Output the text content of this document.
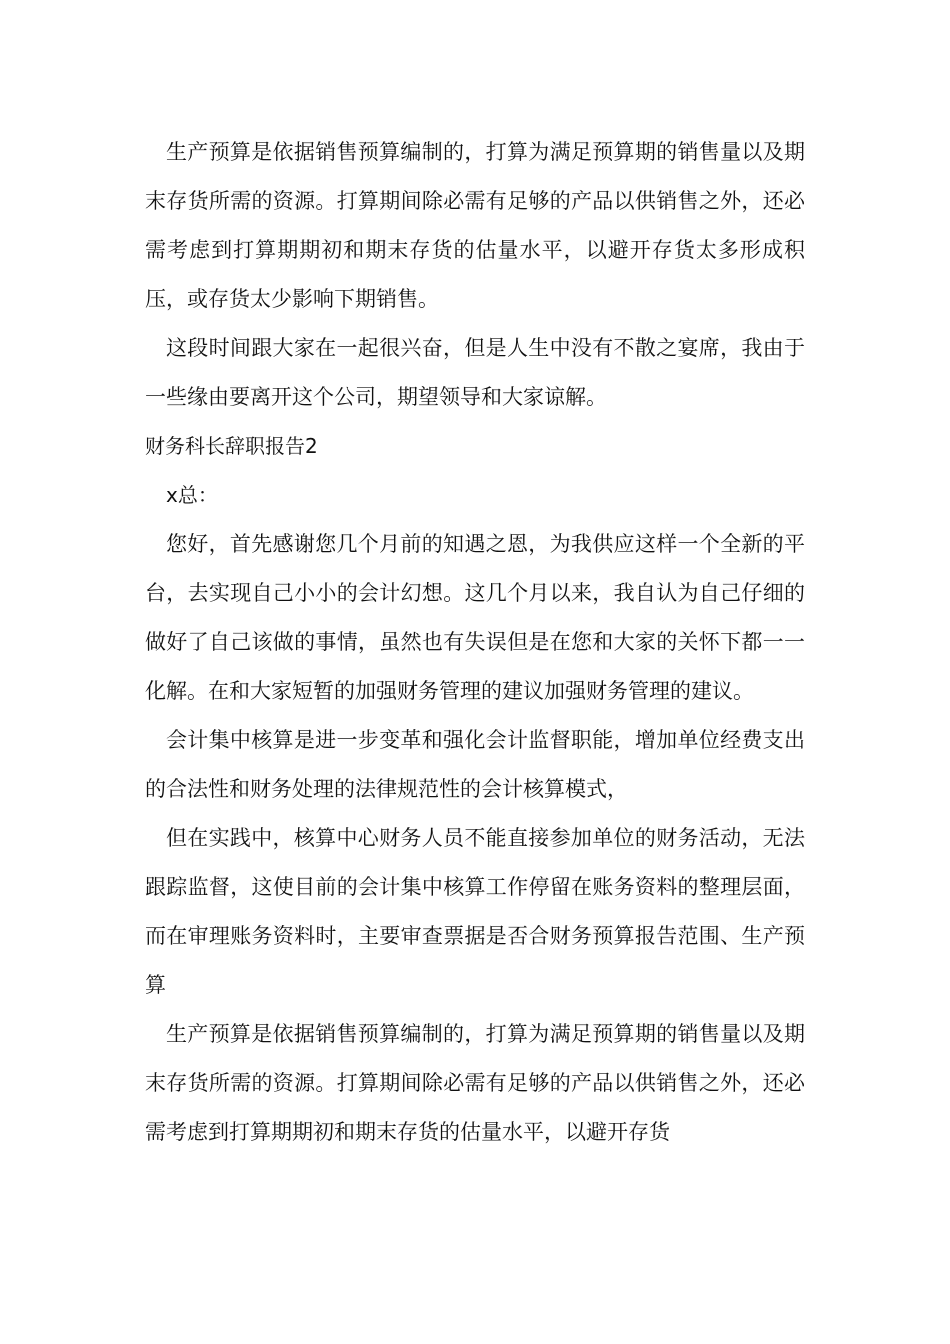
生产预算是依据销售预算编制的，打算为满足预算期的销售量以及期末存货所需的资源。打算期间除必需有足够的产品以供销售之外，还必需考虑到打算期期初和期末存货的估量水平，以避开存货太多形成积压，或存货太少影响下期销售。

这段时间跟大家在一起很兴奋，但是人生中没有不散之宴席，我由于一些缘由要离开这个公司，期望领导和大家谅解。

财务科长辞职报告2

x总：

您好，首先感谢您几个月前的知遇之恩，为我供应这样一个全新的平台，去实现自己小小的会计幻想。这几个月以来，我自认为自己仔细的做好了自己该做的事情，虽然也有失误但是在您和大家的关怀下都一一化解。在和大家短暂的加强财务管理的建议加强财务管理的建议。

会计集中核算是进一步变革和强化会计监督职能，增加单位经费支出的合法性和财务处理的法律规范性的会计核算模式，

但在实践中，核算中心财务人员不能直接参加单位的财务活动，无法跟踪监督，这使目前的会计集中核算工作停留在账务资料的整理层面，而在审理账务资料时，主要审查票据是否合财务预算报告范围、生产预算

生产预算是依据销售预算编制的，打算为满足预算期的销售量以及期末存货所需的资源。打算期间除必需有足够的产品以供销售之外，还必需考虑到打算期期初和期末存货的估量水平，以避开存货
